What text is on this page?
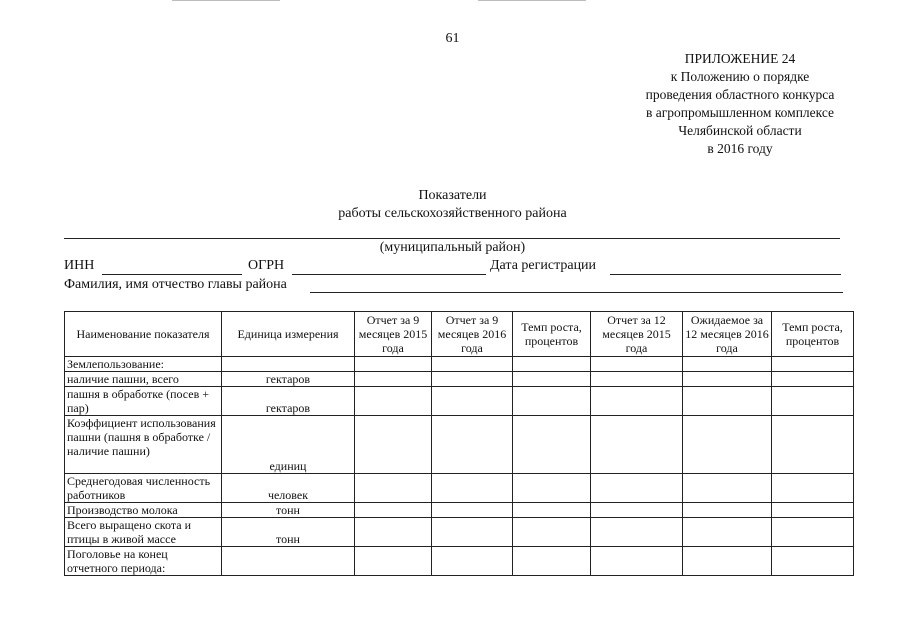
61
ПРИЛОЖЕНИЕ 24
к Положению о порядке
проведения областного конкурса
в агропромышленном комплексе
Челябинской области
в 2016 году
Показатели
работы сельскохозяйственного района
(муниципальный район)
ИНН	ОГРН	Дата регистрации
Фамилия, имя отчество главы района
Наименование показателя	Единица измерения	Отчет за 9 месяцев 2015 года	Отчет за 9 месяцев 2016 года	Темп роста, процентов	Отчет за 12 месяцев 2015 года	Ожидаемое за 12 месяцев 2016 года	Темп роста, процентов
Землепользование:							
наличие пашни, всего	гектаров						
пашня в обработке (посев + пар)	гектаров						
Коэффициент использования пашни (пашня в обработке / наличие пашни)	единиц						
Среднегодовая численность работников	человек						
Производство молока	тонн						
Всего выращено скота и птицы в живой массе	тонн						
Поголовье на конец отчетного периода:							
